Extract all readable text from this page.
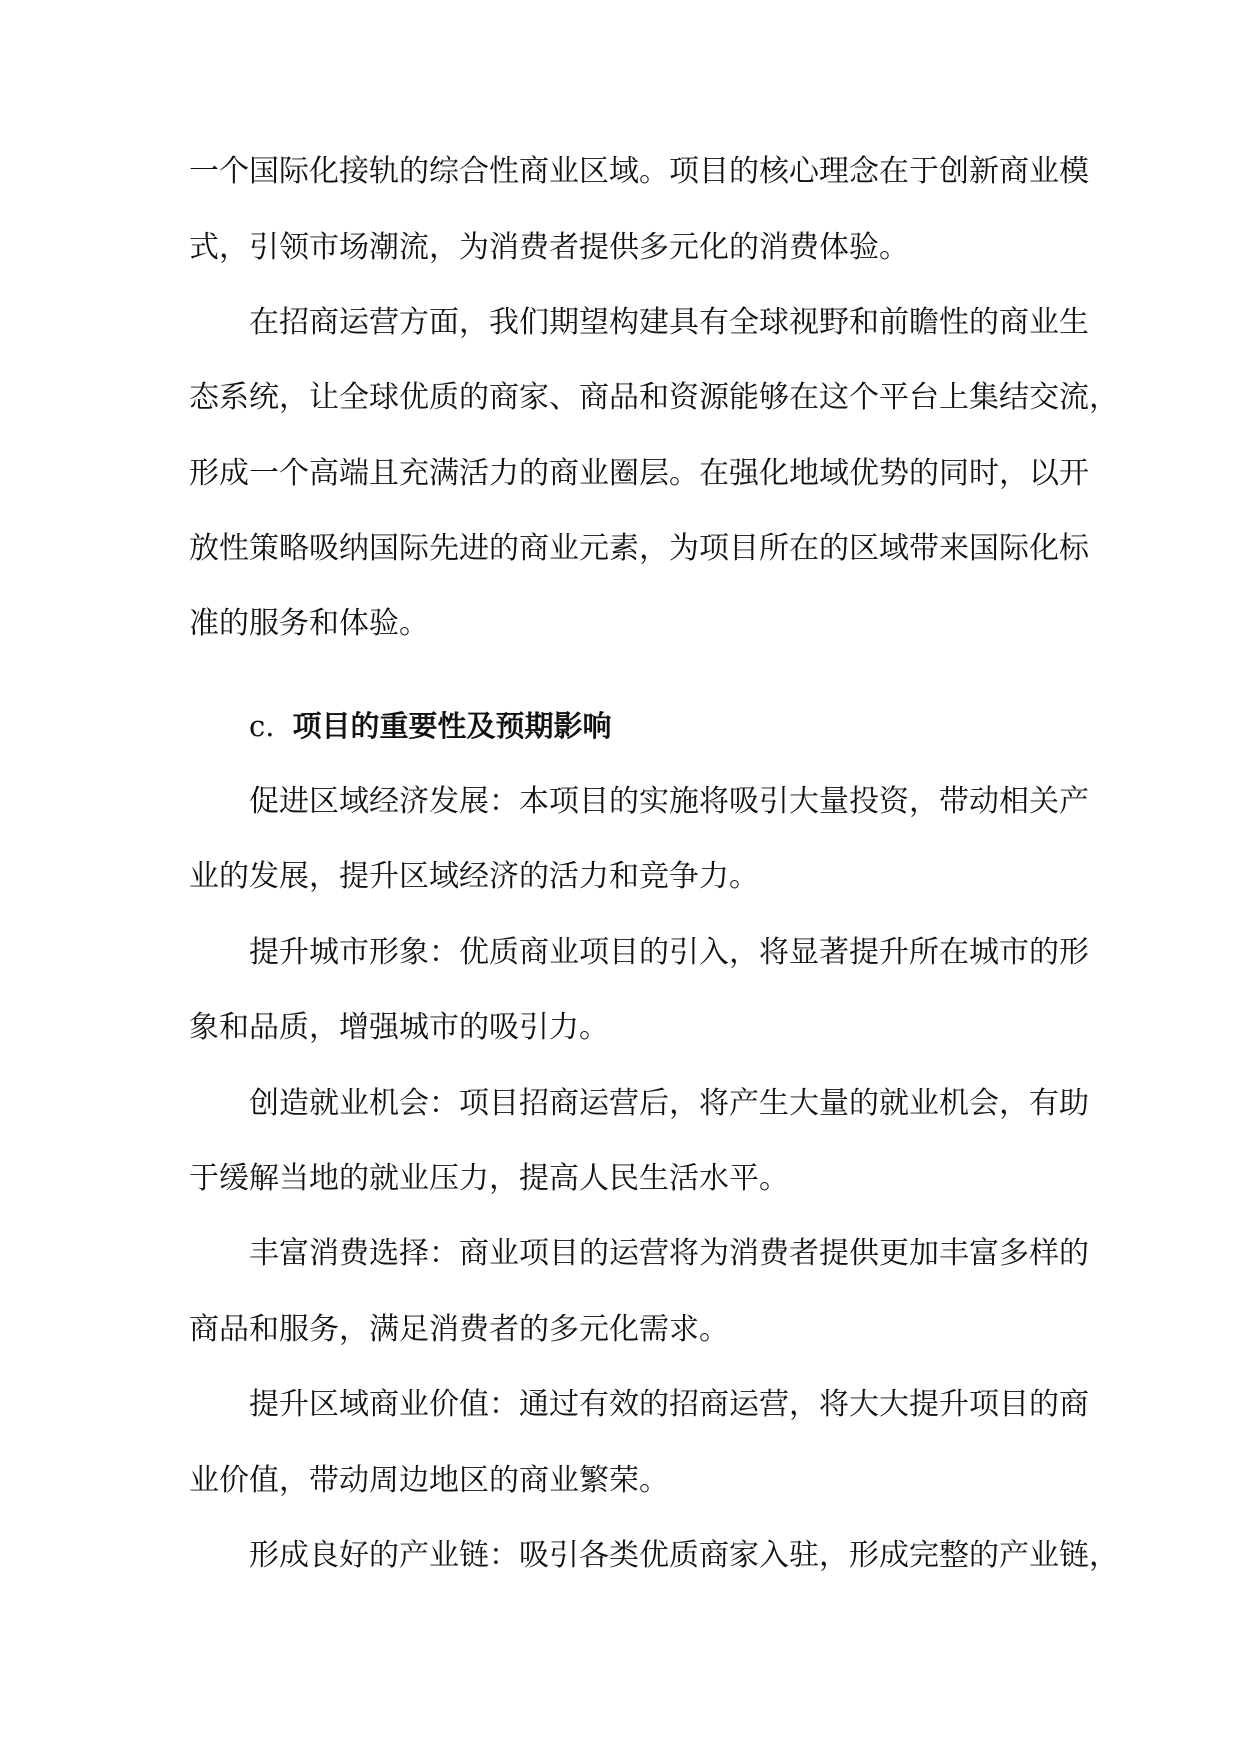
一个国际化接轨的综合性商业区域。项目的核心理念在于创新商业模
式，引领市场潮流，为消费者提供多元化的消费体验。
在招商运营方面，我们期望构建具有全球视野和前瞻性的商业生
态系统，让全球优质的商家、商品和资源能够在这个平台上集结交流，
形成一个高端且充满活力的商业圈层。在强化地域优势的同时，以开
放性策略吸纳国际先进的商业元素，为项目所在的区域带来国际化标
准的服务和体验。
c. 项目的重要性及预期影响
促进区域经济发展：本项目的实施将吸引大量投资，带动相关产
业的发展，提升区域经济的活力和竞争力。
提升城市形象：优质商业项目的引入，将显著提升所在城市的形
象和品质，增强城市的吸引力。
创造就业机会：项目招商运营后，将产生大量的就业机会，有助
于缓解当地的就业压力，提高人民生活水平。
丰富消费选择：商业项目的运营将为消费者提供更加丰富多样的
商品和服务，满足消费者的多元化需求。
提升区域商业价值：通过有效的招商运营，将大大提升项目的商
业价值，带动周边地区的商业繁荣。
形成良好的产业链：吸引各类优质商家入驻，形成完整的产业链，
